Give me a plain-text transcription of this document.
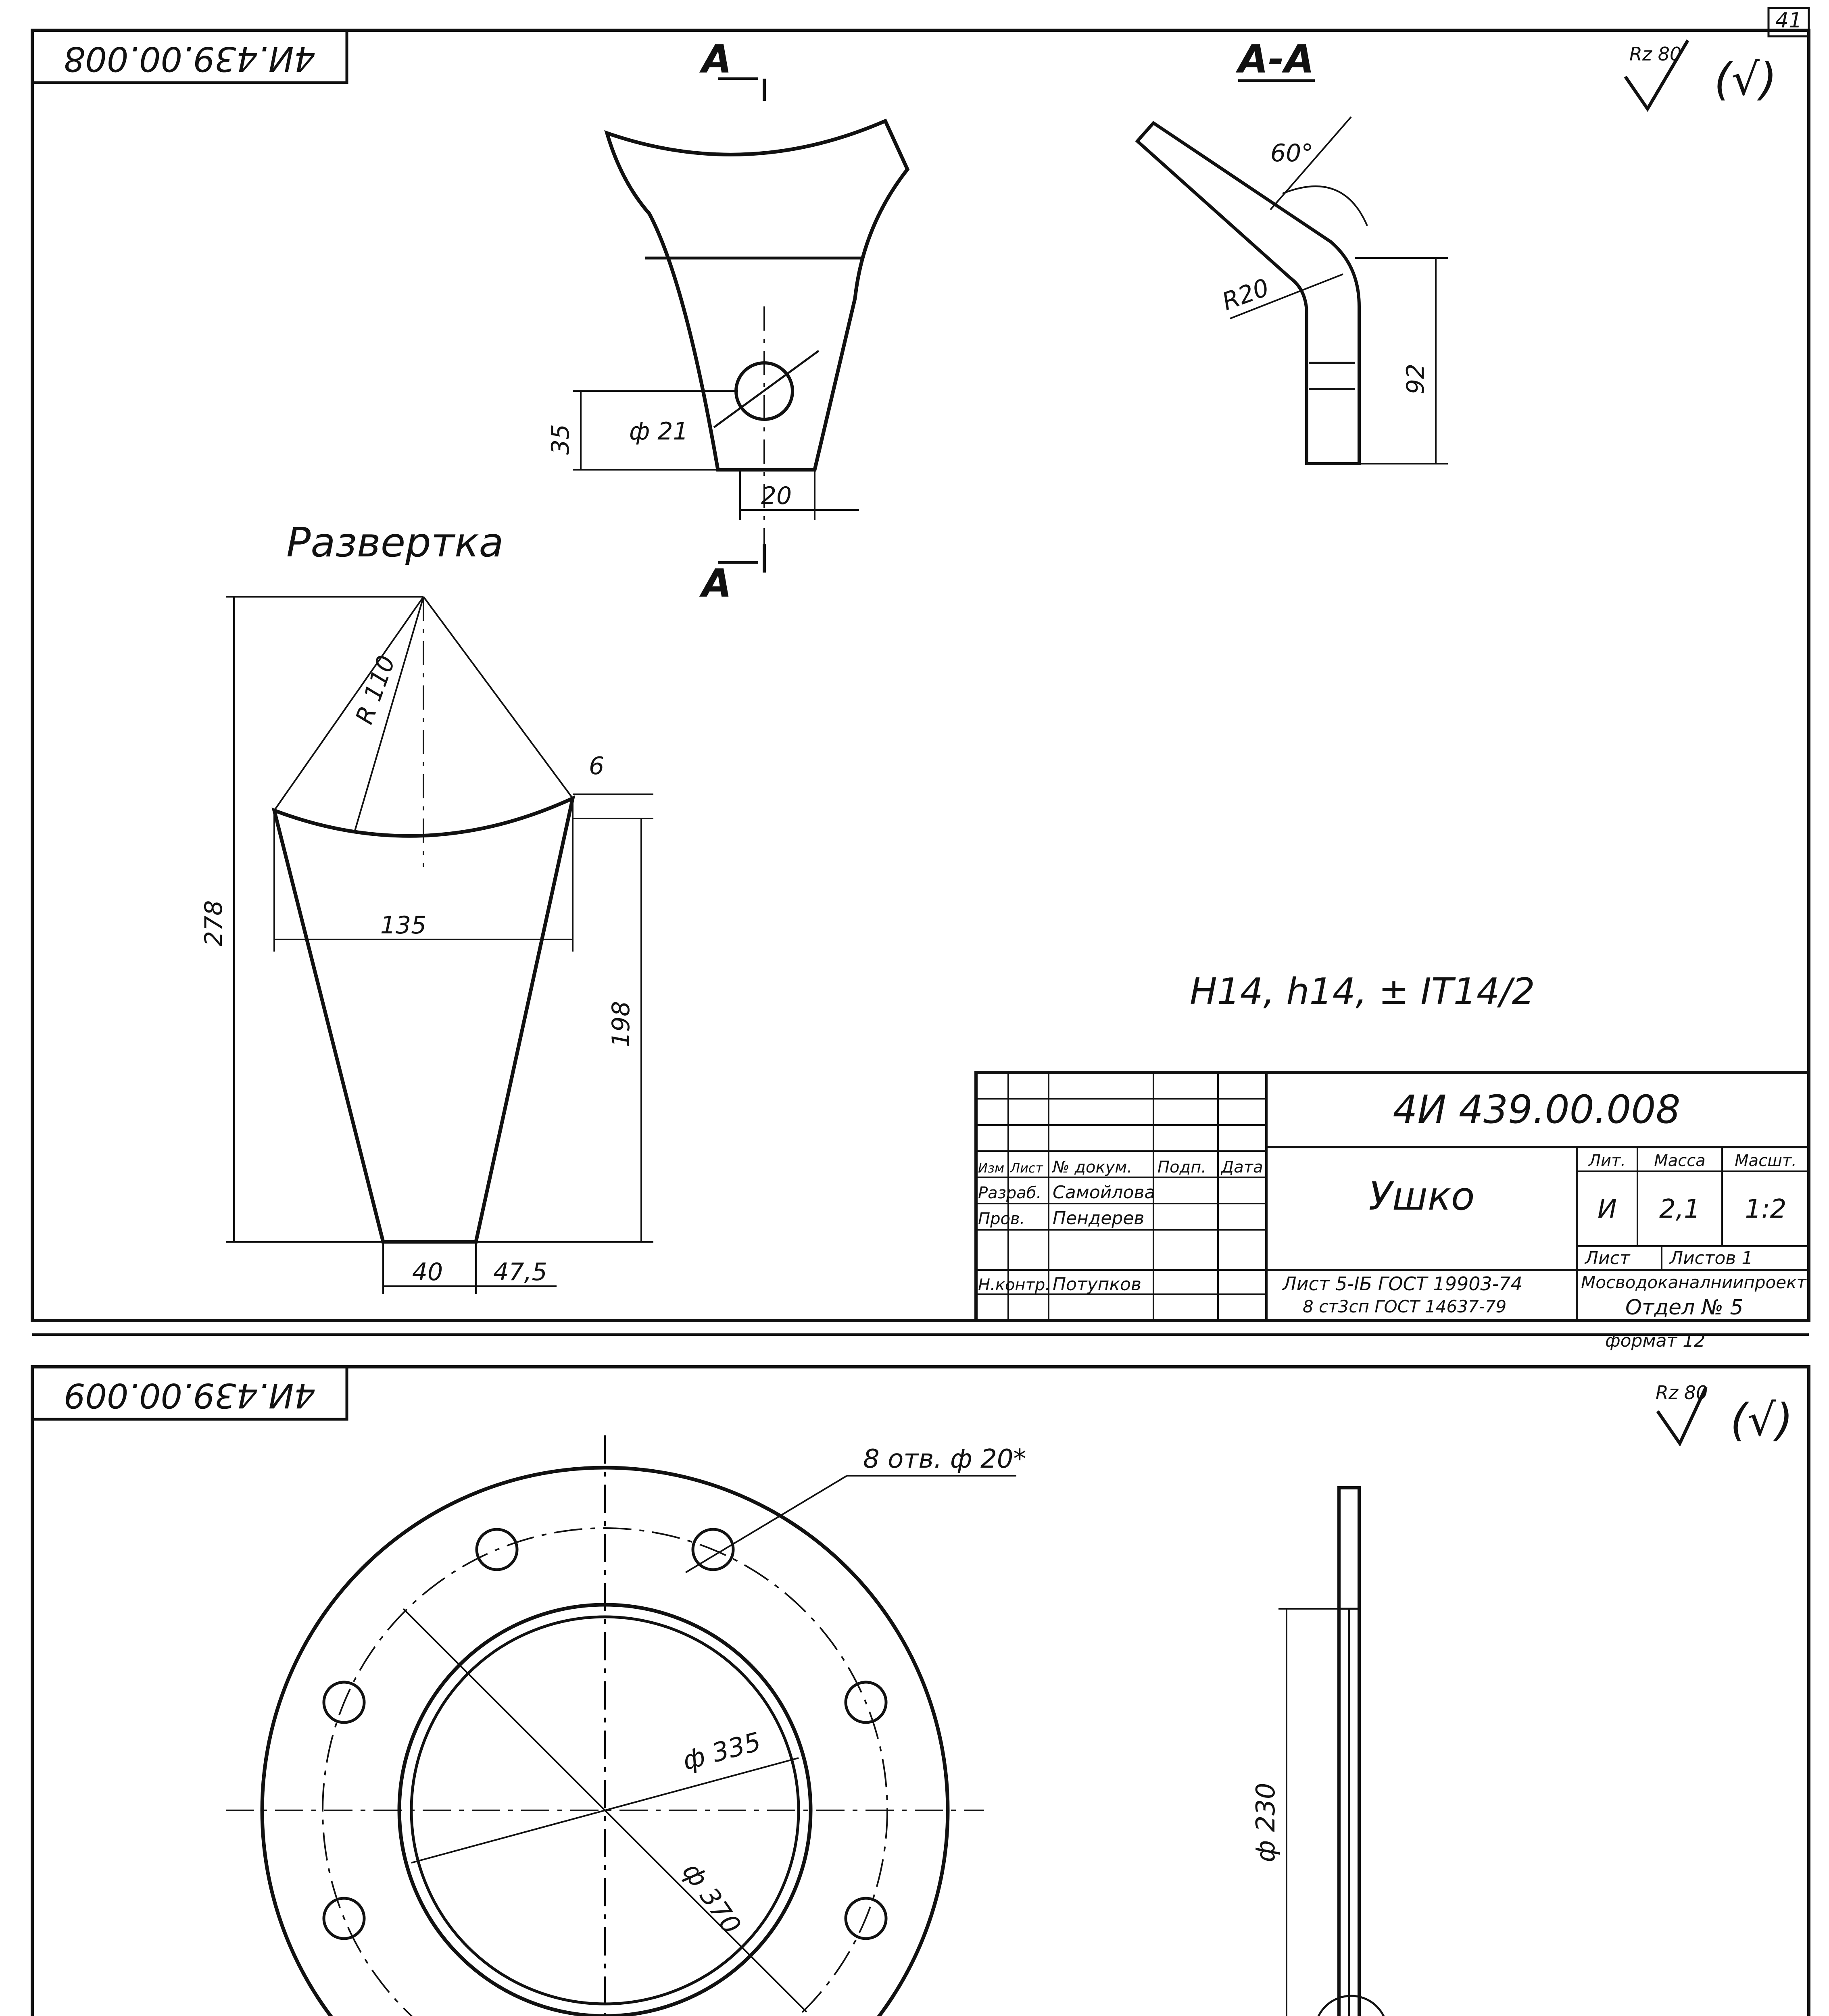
4И.439.00.008
41
Rz 80 (√)
А
А
35 ф 21
20
А-А
60°
R20
92
Развертка
R 110
278	135
6
198
40 47,5
H14, h14, ± IT14/2
Изм Лист № докум. Подп. Дата
Разраб.
Пров.
Н.контр.
Самойлова
Пендерев
Потупков
4И 439.00.008
Ушко
Лит. Масса Масшт.
И 2,1 1:2
Лист Листов 1
Лист 5-IБ ГОСТ 19903-74
8 ст3сп ГОСТ 14637-79
Мосводоканалниипроект
Отдел № 5
формат 12
4И.439.00.009	Rz 80
(√)
ф 335
ф 370
8 отв. ф 20*
ф 230
